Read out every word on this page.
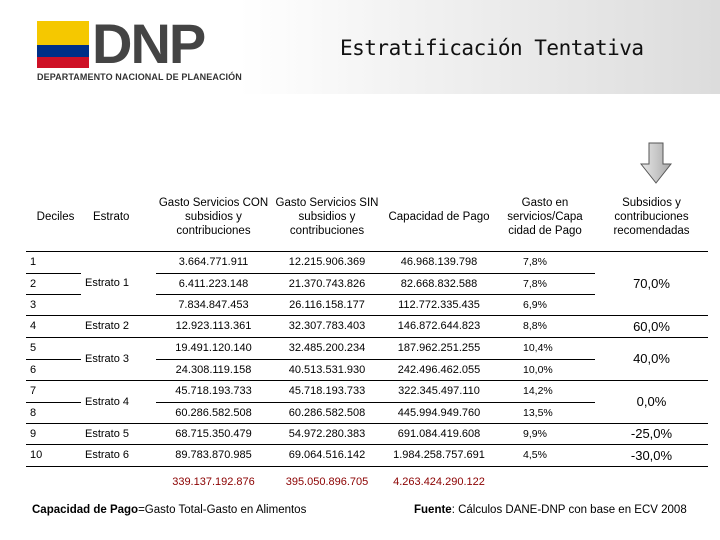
DNP
DEPARTAMENTO NACIONAL DE PLANEACIÓN
Estratificación Tentativa
Deciles	Estrato	Gasto Servicios CON subsidios y contribuciones	Gasto Servicios SIN subsidios y contribuciones	Capacidad de Pago	Gasto en servicios/Capa cidad de Pago	Subsidios y contribuciones recomendadas
1	Estrato 1	3.664.771.911	12.215.906.369	46.968.139.798	7,8%	70,0%
2		6.411.223.148	21.370.743.826	82.668.832.588	7,8%	
3		7.834.847.453	26.116.158.177	112.772.335.435	6,9%	
4	Estrato 2	12.923.113.361	32.307.783.403	146.872.644.823	8,8%	60,0%
5	Estrato 3	19.491.120.140	32.485.200.234	187.962.251.255	10,4%	40,0%
6		24.308.119.158	40.513.531.930	242.496.462.055	10,0%	
7	Estrato 4	45.718.193.733	45.718.193.733	322.345.497.110	14,2%	0,0%
8		60.286.582.508	60.286.582.508	445.994.949.760	13,5%	
9	Estrato 5	68.715.350.479	54.972.280.383	691.084.419.608	9,9%	-25,0%
10	Estrato 6	89.783.870.985	69.064.516.142	1.984.258.757.691	4,5%	-30,0%
		339.137.192.876	395.050.896.705	4.263.424.290.122		
Capacidad de Pago=Gasto Total-Gasto en Alimentos	Fuente: Cálculos DANE-DNP con base en ECV 2008
